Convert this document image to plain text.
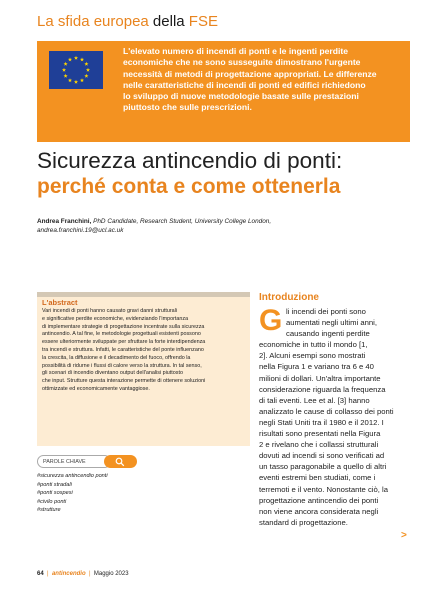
La sfida europea della FSE
L'elevato numero di incendi di ponti e le ingenti perdite
economiche che ne sono susseguite dimostrano l'urgente
necessità di metodi di progettazione appropriati. Le differenze
nelle caratteristiche di incendi di ponti ed edifici richiedono
lo sviluppo di nuove metodologie basate sulle prestazioni
piuttosto che sulle prescrizioni.
Sicurezza antincendio di ponti:
perché conta e come ottenerla
Andrea Franchini, PhD Candidate, Research Student, University College London,
andrea.franchini.19@ucl.ac.uk
L'abstract
Vari incendi di ponti hanno causato gravi danni strutturali
e significative perdite economiche, evidenziando l'importanza
di implementare strategie di progettazione incentrate sulla sicurezza
antincendio. A tal fine, le metodologie progettuali esistenti possono
essere ulteriormente sviluppate per sfruttare la forte interdipendenza
tra incendi e struttura. Infatti, le caratteristiche del ponte influenzano
la crescita, la diffusione e il decadimento del fuoco, offrendo la
possibilità di ridurne i flussi di calore verso la struttura. In tal senso,
gli scenari di incendio diventano output dell'analisi piuttosto
che input. Strutture questa interazione permette di ottenere soluzioni
ottimizzate ed economicamente vantaggiose.
PAROLE CHIAVE
#sicurezza antincendio ponti
#ponti stradali
#ponti sospesi
#civilo ponti
#strutture
Introduzione
G li incendi dei ponti sono
aumentati negli ultimi anni,
causando ingenti perdite
economiche in tutto il mondo [1,
2]. Alcuni esempi sono mostrati
nella Figura 1 e variano tra 6 e 40
milioni di dollari. Un'altra importante
considerazione riguarda la frequenza
di tali eventi. Lee et al. [3] hanno
analizzato le cause di collasso dei ponti
negli Stati Uniti tra il 1980 e il 2012. I
risultati sono presentati nella Figura
2 e rivelano che i collassi strutturali
dovuti ad incendi si sono verificati ad
un tasso paragonabile a quello di altri
eventi estremi ben studiati, come i
terremoti e il vento. Nonostante ciò, la
progettazione antincendio dei ponti
non viene ancora considerata negli
standard di progettazione.
>
64  |  antincendio  |  Maggio 2023
